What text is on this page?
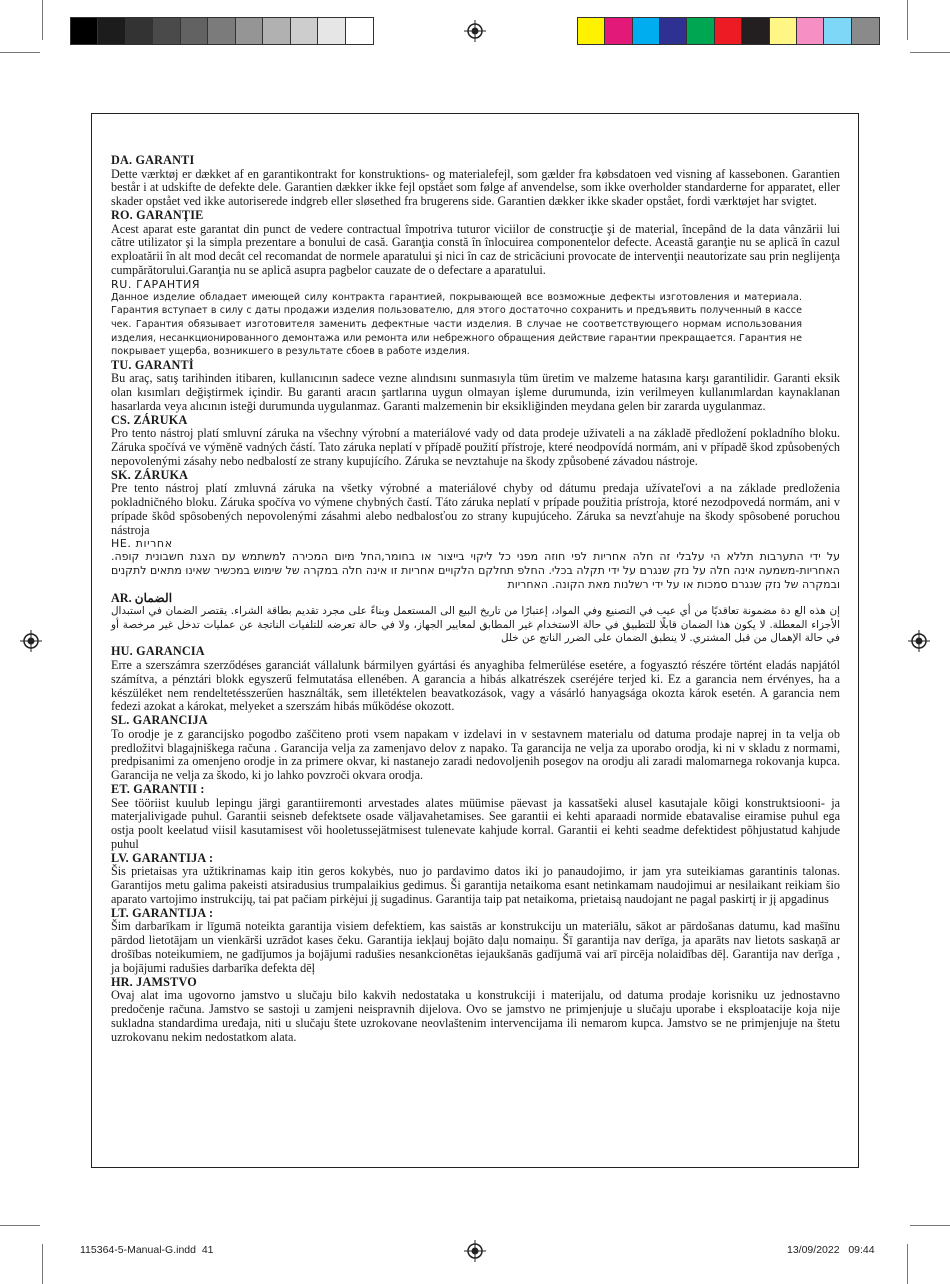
DA. GARANTI

Dette værktøj er dækket af en garantikontrakt for konstruktions- og materialefejl, som gælder fra købsdatoen ved visning af kassebonen. Garantien består i at udskifte de defekte dele. Garantien dækker ikke fejl opstået som følge af anvendelse, som ikke overholder standarderne for apparatet, eller skader opstået ved ikke autoriserede indgreb eller sløsethed fra brugerens side. Garantien dækker ikke skader opstået, fordi værktøjet har svigtet.

RO. GARANŢIE

Acest aparat este garantat din punct de vedere contractual împotriva tuturor viciilor de construcţie şi de material, începând de la data vânzării lui către utilizator şi la simpla prezentare a bonului de casă. Garanţia constă în înlocuirea componentelor defecte. Această garanţie nu se aplică în cazul exploatării în alt mod decât cel recomandat de normele aparatului şi nici în caz de stricăciuni provocate de intervenţii neautorizate sau prin neglijenţa cumpărătorului.Garanţia nu se aplică asupra pagbelor cauzate de o defectare a aparatului.

RU. ГАРАНТИЯ

Данное изделие обладает имеющей силу контракта гарантией, покрывающей все возможные дефекты изготовления и материала. Гарантия вступает в силу с даты продажи изделия пользователю, для этого достаточно сохранить и предъявить полученный в кассе чек. Гарантия обязывает изготовителя заменить дефектные части изделия. В случае не соответствующего нормам использования изделия, несанкционированного демонтажа или ремонта или небрежного обращения действие гарантии прекращается. Гарантия не покрывает ущерба, возникшего в результате сбоев в работе изделия.

TU. GARANTİ

Bu araç, satış tarihinden itibaren, kullanıcının sadece vezne alındısını sunmasıyla tüm üretim ve malzeme hatasına karşı garantilidir. Garanti eksik olan kısımları değiştirmek içindir. Bu garanti aracın şartlarına uygun olmayan işleme durumunda, izin verilmeyen kullanımlardan kaynaklanan hasarlarda veya alıcının isteği durumunda uygulanmaz. Garanti malzemenin bir eksikliğinden meydana gelen bir zararda uygulanmaz.

CS. ZÁRUKA

Pro tento nástroj platí smluvní záruka na všechny výrobní a materiálové vady od data prodeje uživateli a na základě předložení pokladního bloku. Záruka spočívá ve výměně vadných částí. Tato záruka neplatí v případě použití přístroje, které neodpovídá normám, ani v případě škod způsobených nepovolenými zásahy nebo nedbalostí ze strany kupujícího. Záruka se nevztahuje na škody způsobené závadou nástroje.

SK. ZÁRUKA

Pre tento nástroj platí zmluvná záruka na všetky výrobné a materiálové chyby od dátumu predaja užívateľovi a na základe predloženia pokladničného bloku. Záruka spočíva vo výmene chybných častí. Táto záruka neplatí v prípade použitia prístroja, ktoré nezodpovedá normám, ani v prípade škôd spôsobených nepovolenými zásahmi alebo nedbalosťou zo strany kupujúceho. Záruka sa nevzťahuje na škody spôsobené poruchou nástroja

HE. אחריות

על ידי התערבות תללא הי עלבלי זה חלה אחריות לפי חוזה מפני כל ליקוי בייצור או בחומר,החל מיום המכירה למשתמש עם הצגת חשבונית קופה. האחריות-משמעה אינה חלה על נזק שנגרם על ידי תקלה בכלי. החלפ תחלקם הלקויים אחריות זו אינה חלה במקרה של שימוש במכשיר שאינו מתאים לתקנים ובמקרה של נזק שנגרם סמכות או על ידי רשלנות מאת הקונה. האחריות

AR. الضمان

إن هذه الع دة مضمونة تعاقديًا من أي عيب في التصنيع وفي المواد، إعتبارًا من تاريخ البيع الى المستعمل وبناءً على مجرد تقديم بطاقة الشراء. يقتصر الضمان في استبدال الأجزاء المعطلة. لا يكون هذا الضمان قابلًا للتطبيق في حالة الاستخدام غير المطابق لمعايير الجهاز، ولا في حالة تعرضه للتلفيات الناتجة عن عمليات تدخل غير مرخصة أو في حالة الإهمال من قبل المشتري. لا ينطبق الضمان على الضرر الناتج عن خلل

HU. GARANCIA

Erre a szerszámra szerződéses garanciát vállalunk bármilyen gyártási és anyaghiba felmerülése esetére, a fogyasztó részére történt eladás napjától számítva, a pénztári blokk egyszerű felmutatása ellenében. A garancia a hibás alkatrészek cseréjére terjed ki. Ez a garancia nem érvényes, ha a készüléket nem rendeltetésszerűen használták, sem illetéktelen beavatkozások, vagy a vásárló hanyagsága okozta károk esetén. A garancia nem fedezi azokat a károkat, melyeket a szerszám hibás működése okozott.

SL. GARANCIJA

To orodje je z garancijsko pogodbo zaščiteno proti vsem napakam v izdelavi in v sestavnem materialu od datuma prodaje naprej in ta velja ob predložitvi blagajniškega računa . Garancija velja za zamenjavo delov z napako. Ta garancija ne velja za uporabo orodja, ki ni v skladu z normami, predpisanimi za omenjeno orodje in za primere okvar, ki nastanejo zaradi nedovoljenih posegov na orodju ali zaradi malomarnega rokovanja kupca. Garancija ne velja za škodo, ki jo lahko povzroči okvara orodja.

ET. GARANTII :

See tööriist kuulub lepingu järgi garantiiremonti arvestades alates müümise päevast ja kassatšeki alusel kasutajale kõigi konstruktsiooni- ja materjalivigade puhul. Garantii seisneb defektsete osade väljavahetamises. See garantii ei kehti aparaadi normide ebatavalise eiramise puhul ega ostja poolt keelatud viisil kasutamisest või hooletussejätmisest tulenevate kahjude korral. Garantii ei kehti seadme defektidest põhjustatud kahjude puhul

LV. GARANTIJA :

Šis prietaisas yra užtikrinamas kaip itin geros kokybės, nuo jo pardavimo datos iki jo panaudojimo, ir jam yra suteikiamas garantinis talonas. Garantijos metu galima pakeisti atsiradusius trumpalaikius gedimus. Ši garantija netaikoma esant netinkamam naudojimui ar nesilaikant reikiam šio aparato vartojimo instrukcijų, tai pat pačiam pirkėjui jį sugadinus. Garantija taip pat netaikoma, prietaisą naudojant ne pagal paskirtį ir jį apgadinus

LT. GARANTIJA :

Šim darbarīkam ir līgumā noteikta garantija visiem defektiem, kas saistās ar konstrukciju un materiālu, sākot ar pārdošanas datumu, kad mašīnu pārdod lietotājam un vienkārši uzrādot kases čeku. Garantija iekļauj bojāto daļu nomaiņu. Šī garantija nav derīga, ja aparāts nav lietots saskaņā ar drošības noteikumiem, ne gadījumos ja bojājumi radušies nesankcionētas iejaukšanās gadījumā vai arī pircēja nolaidības dēļ. Garantija nav derīga , ja bojājumi radušies darbarīka defekta dēļ

HR. JAMSTVO

Ovaj alat ima ugovorno jamstvo u slučaju bilo kakvih nedostataka u konstrukciji i materijalu, od datuma prodaje korisniku uz jednostavno predočenje računa. Jamstvo se sastoji u zamjeni neispravnih dijelova. Ovo se jamstvo ne primjenjuje u slučaju uporabe i eksploatacije koja nije sukladna standardima uređaja, niti u slučaju štete uzrokovane neovlaštenim intervencijama ili nemarom kupca. Jamstvo se ne primjenjuje na štetu uzrokovanu nekim nedostatkom alata.

115364-5-Manual-G.indd 41	13/09/2022 09:44
